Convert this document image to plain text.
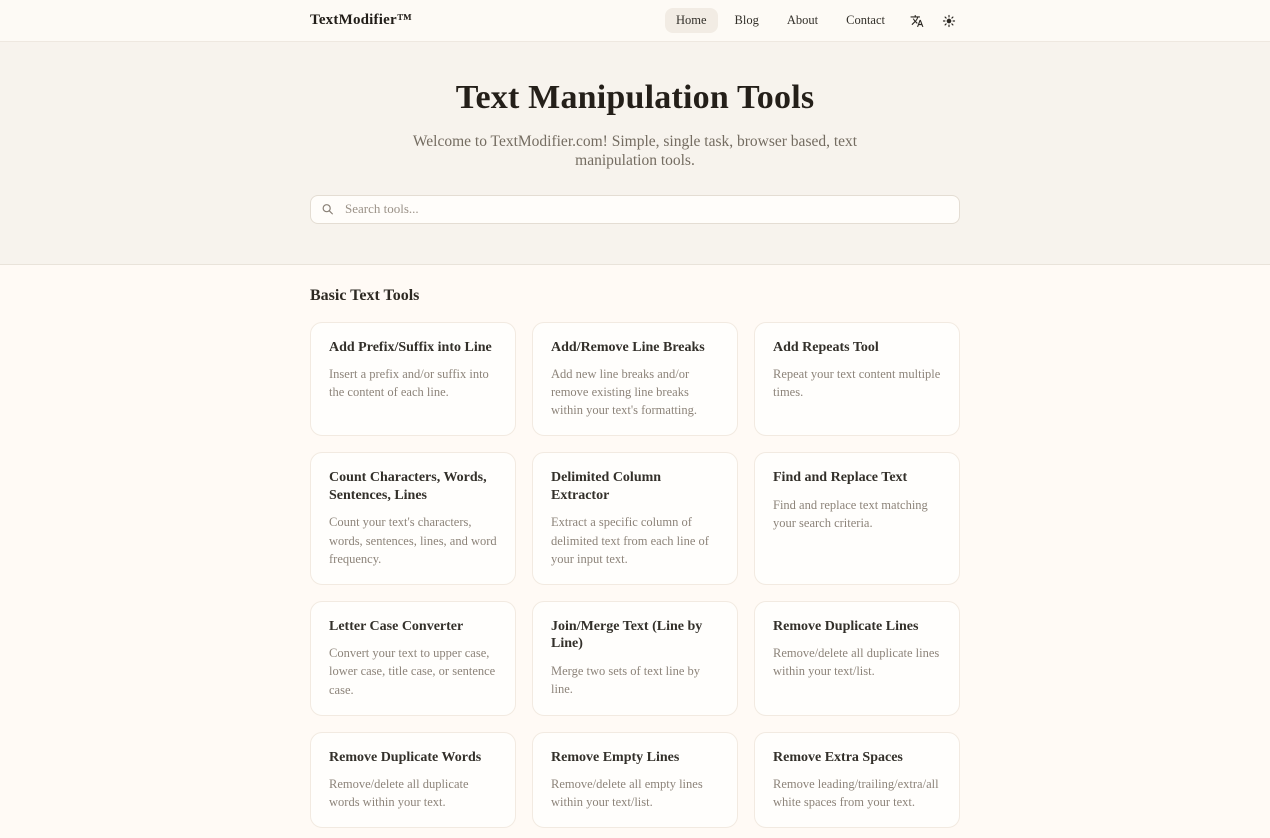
TextModifier™	Home	Blog	About	Contact
Text Manipulation Tools

Welcome to TextModifier.com! Simple, single task, browser based, text manipulation tools.

Search tools...
Basic Text Tools
Add Prefix/Suffix into Line
Insert a prefix and/or suffix into the content of each line.
Add/Remove Line Breaks
Add new line breaks and/or remove existing line breaks within your text's formatting.
Add Repeats Tool
Repeat your text content multiple times.
Count Characters, Words, Sentences, Lines
Count your text's characters, words, sentences, lines, and word frequency.
Delimited Column Extractor
Extract a specific column of delimited text from each line of your input text.
Find and Replace Text
Find and replace text matching your search criteria.
Letter Case Converter
Convert your text to upper case, lower case, title case, or sentence case.
Join/Merge Text (Line by Line)
Merge two sets of text line by line.
Remove Duplicate Lines
Remove/delete all duplicate lines within your text/list.
Remove Duplicate Words
Remove/delete all duplicate words within your text.
Remove Empty Lines
Remove/delete all empty lines within your text/list.
Remove Extra Spaces
Remove leading/trailing/extra/all white spaces from your text.
